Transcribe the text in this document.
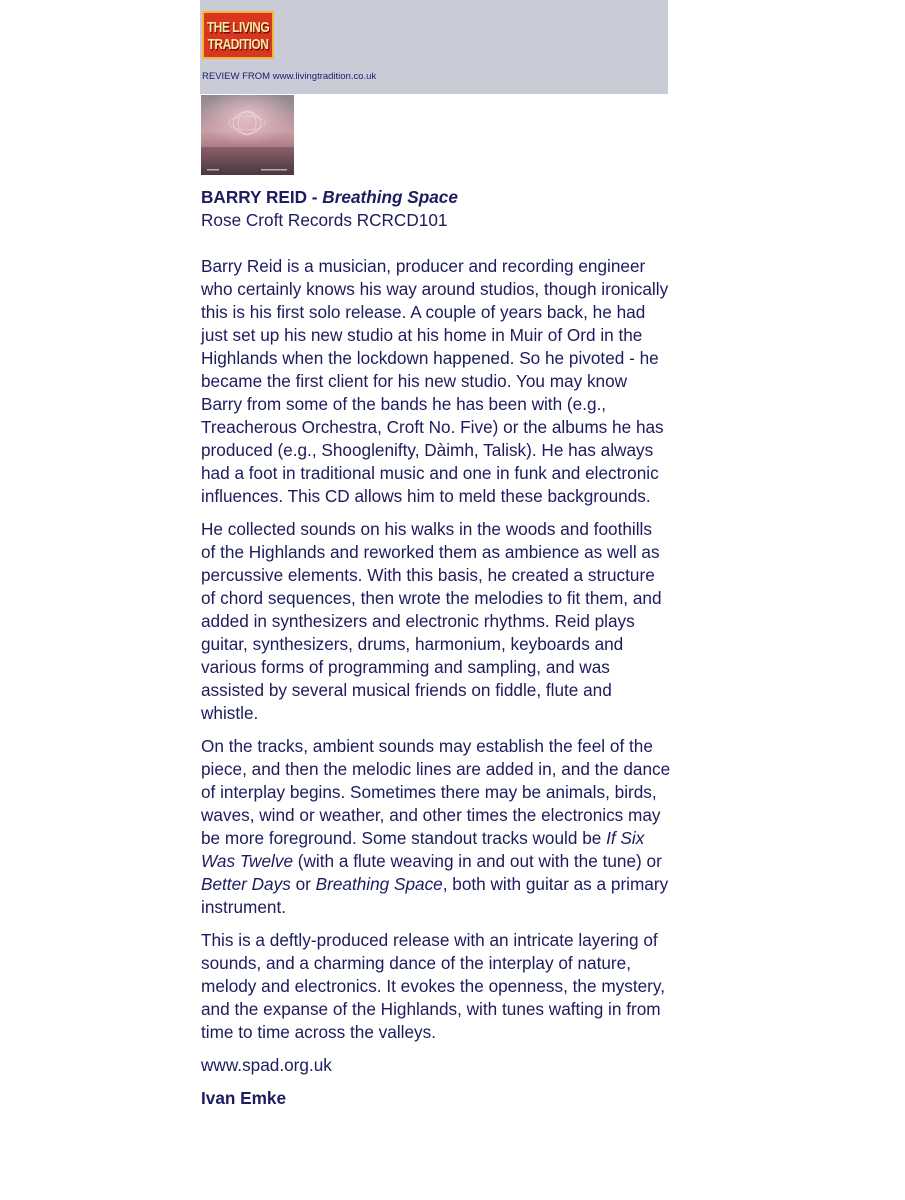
THE LIVING
TRADITION
REVIEW FROM www.livingtradition.co.uk

BARRY REID - Breathing Space

Rose Croft Records RCRCD101

Barry Reid is a musician, producer and recording engineer who certainly knows his way around studios, though ironically this is his first solo release. A couple of years back, he had just set up his new studio at his home in Muir of Ord in the Highlands when the lockdown happened. So he pivoted - he became the first client for his new studio. You may know Barry from some of the bands he has been with (e.g., Treacherous Orchestra, Croft No. Five) or the albums he has produced (e.g., Shooglenifty, Dàimh, Talisk). He has always had a foot in traditional music and one in funk and electronic influences. This CD allows him to meld these backgrounds.

He collected sounds on his walks in the woods and foothills of the Highlands and reworked them as ambience as well as percussive elements. With this basis, he created a structure of chord sequences, then wrote the melodies to fit them, and added in synthesizers and electronic rhythms. Reid plays guitar, synthesizers, drums, harmonium, keyboards and various forms of programming and sampling, and was assisted by several musical friends on fiddle, flute and whistle.

On the tracks, ambient sounds may establish the feel of the piece, and then the melodic lines are added in, and the dance of interplay begins. Sometimes there may be animals, birds, waves, wind or weather, and other times the electronics may be more foreground. Some standout tracks would be If Six Was Twelve (with a flute weaving in and out with the tune) or Better Days or Breathing Space, both with guitar as a primary instrument.

This is a deftly-produced release with an intricate layering of sounds, and a charming dance of the interplay of nature, melody and electronics. It evokes the openness, the mystery, and the expanse of the Highlands, with tunes wafting in from time to time across the valleys.

www.spad.org.uk

Ivan Emke
